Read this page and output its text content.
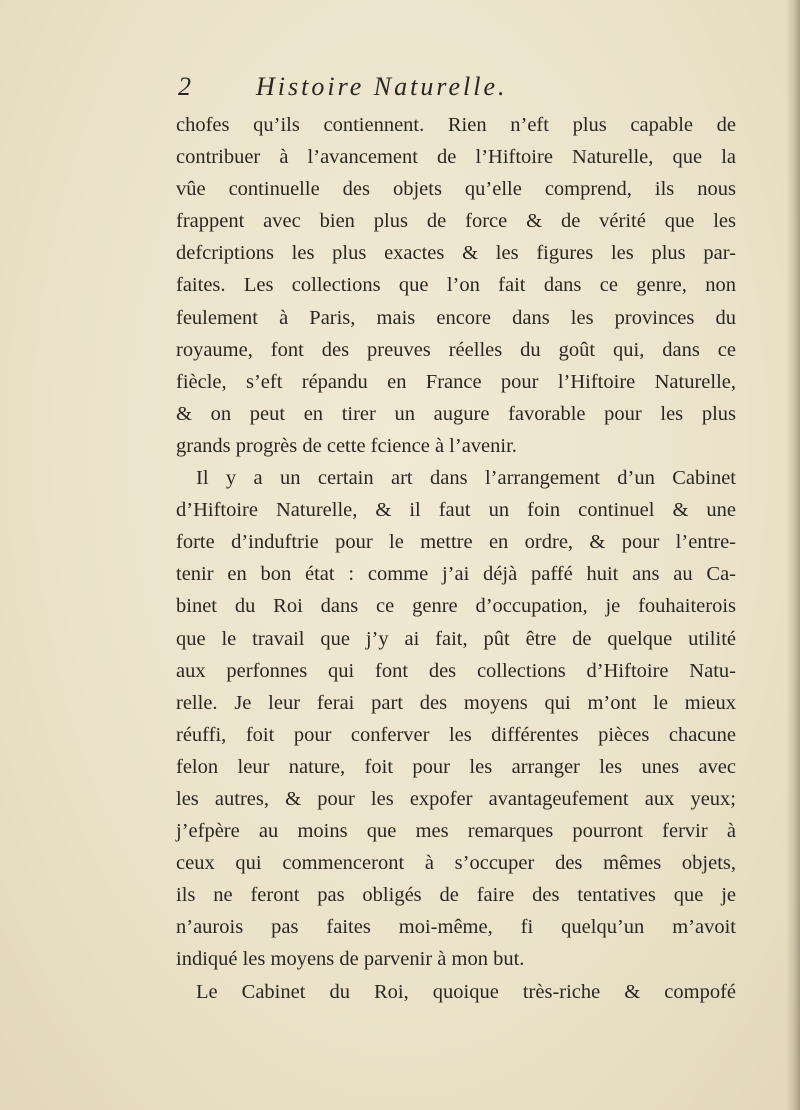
2	Histoire Naturelle.
chofes qu’ils contiennent. Rien n’eft plus capable de
contribuer à l’avancement de l’Hiftoire Naturelle, que la
vûe continuelle des objets qu’elle comprend, ils nous
frappent avec bien plus de force & de vérité que les
defcriptions les plus exactes & les figures les plus par-
faites. Les collections que l’on fait dans ce genre, non
feulement à Paris, mais encore dans les provinces du
royaume, font des preuves réelles du goût qui, dans ce
fiècle, s’eft répandu en France pour l’Hiftoire Naturelle,
& on peut en tirer un augure favorable pour les plus
grands progrès de cette fcience à l’avenir.
Il y a un certain art dans l’arrangement d’un Cabinet
d’Hiftoire Naturelle, & il faut un foin continuel & une
forte d’induftrie pour le mettre en ordre, & pour l’entre-
tenir en bon état : comme j’ai déjà paffé huit ans au Ca-
binet du Roi dans ce genre d’occupation, je fouhaiterois
que le travail que j’y ai fait, pût être de quelque utilité
aux perfonnes qui font des collections d’Hiftoire Natu-
relle. Je leur ferai part des moyens qui m’ont le mieux
réuffi, foit pour conferver les différentes pièces chacune
felon leur nature, foit pour les arranger les unes avec
les autres, & pour les expofer avantageufement aux yeux;
j’efpère au moins que mes remarques pourront fervir à
ceux qui commenceront à s’occuper des mêmes objets,
ils ne feront pas obligés de faire des tentatives que je
n’aurois pas faites moi-même, fi quelqu’un m’avoit
indiqué les moyens de parvenir à mon but.
Le Cabinet du Roi, quoique très-riche & compofé
